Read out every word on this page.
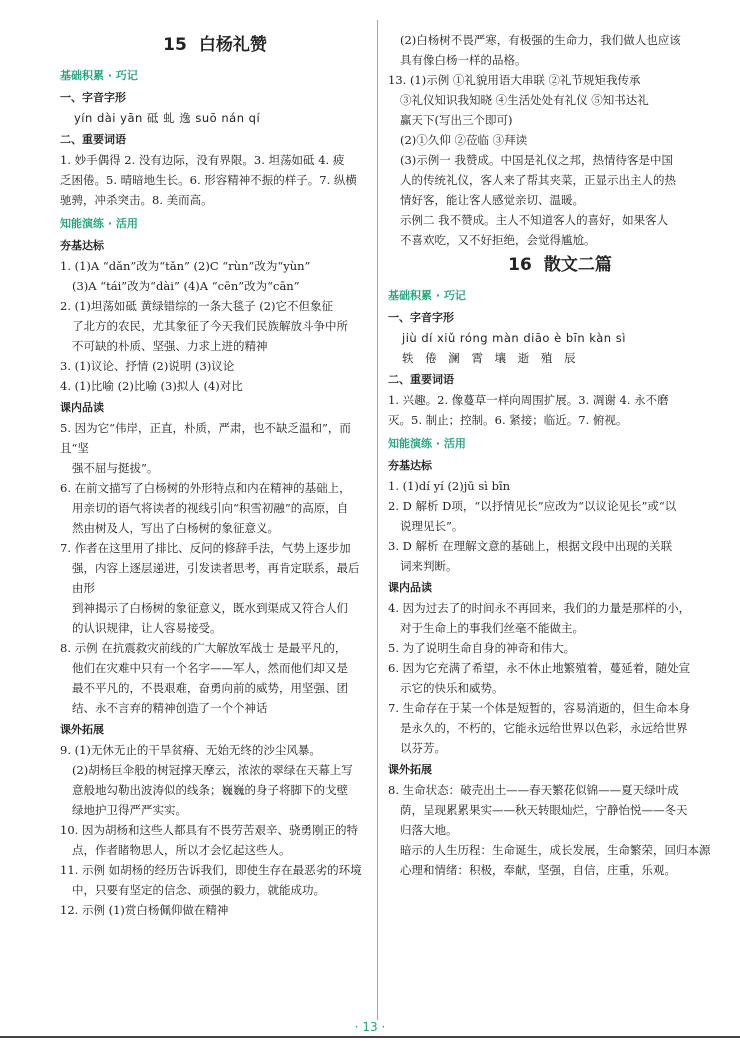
15 白杨礼赞
基础积累 · 巧记
一、字音字形
yín dài yān 砥 虬 逸 suō nán qí
二、重要词语

1. 妙手偶得 2. 没有边际，没有界限。3. 坦荡如砥 4. 疲

乏困倦。5. 晴暗地生长。6. 形容精神不振的样子。7. 纵横

驰骋，冲杀突击。8. 美而高。

知能演练 · 活用
夯基达标

1. (1)A “dǎn”改为“tǎn” (2)C “rùn”改为“yùn”

(3)A “tái”改为“dài” (4)A “cēn”改为“cān”

2. (1)坦荡如砥 黄绿错综的一条大毯子 (2)它不但象征

了北方的农民，尤其象征了今天我们民族解放斗争中所

不可缺的朴质、坚强、力求上进的精神

3. (1)议论、抒情 (2)说明 (3)议论

4. (1)比喻 (2)比喻 (3)拟人 (4)对比

课内品读

5. 因为它“伟岸，正直，朴质，严肃，也不缺乏温和”，而且“坚

强不屈与挺拔”。

6. 在前文描写了白杨树的外形特点和内在精神的基础上，

用亲切的语气将读者的视线引向“积雪初融”的高原，自

然由树及人，写出了白杨树的象征意义。

7. 作者在这里用了排比、反问的修辞手法，气势上逐步加

强，内容上逐层递进，引发读者思考，再肯定联系，最后由形

到神揭示了白杨树的象征意义，既水到渠成又符合人们

的认识规律，让人容易接受。

8. 示例 在抗震救灾前线的广大解放军战士 是最平凡的，

他们在灾难中只有一个名字——军人，然而他们却又是

最不平凡的，不畏艰难，奋勇向前的威势，用坚强、团

结、永不言弃的精神创造了一个个神话

课外拓展

9. (1)无休无止的干旱贫瘠、无始无终的沙尘风暴。

(2)胡杨巨伞般的树冠撑天摩云，浓浓的翠绿在天幕上写

意般地勾勒出波涛似的线条；巍巍的身子将脚下的戈壁

绿地护卫得严严实实。

10. 因为胡杨和这些人都具有不畏劳苦艰辛、骁勇刚正的特

点，作者睹物思人，所以才会忆起这些人。

11. 示例 如胡杨的经历告诉我们，即使生存在最恶劣的环境

中，只要有坚定的信念、顽强的毅力，就能成功。

12. 示例 (1)赏白杨佩仰做在精神

(2)白杨树不畏严寒，有极强的生命力，我们做人也应该

具有像白杨一样的品格。

13. (1)示例 ①礼貌用语大串联 ②礼节规矩我传承

③礼仪知识我知晓 ④生活处处有礼仪 ⑤知书达礼

赢天下(写出三个即可)

(2)①久仰 ②莅临 ③拜读

(3)示例一 我赞成。中国是礼仪之邦，热情待客是中国

人的传统礼仪，客人来了帮其夹菜，正显示出主人的热

情好客，能让客人感觉亲切、温暖。

示例二 我不赞成。主人不知道客人的喜好，如果客人

不喜欢吃，又不好拒绝，会觉得尴尬。

16 散文二篇
基础积累 · 巧记
一、字音字形
jiù dí xiǔ róng màn diāo è bīn kàn sì
轶 倦 澜 霄 壤 逝 殖 辰
二、重要词语

1. 兴趣。2. 像蔓草一样向周围扩展。3. 凋谢 4. 永不磨

灭。5. 制止；控制。6. 紧接；临近。7. 俯视。

知能演练 · 活用
夯基达标

1. (1)dí yí (2)jū sì bīn

2. D 解析 D项，“以抒情见长”应改为“以议论见长”或“以

说理见长”。

3. D 解析 在理解文意的基础上，根据文段中出现的关联

词来判断。

课内品读

4. 因为过去了的时间永不再回来，我们的力量是那样的小，

对于生命上的事我们丝毫不能做主。

5. 为了说明生命自身的神奇和伟大。

6. 因为它充满了希望，永不休止地繁殖着，蔓延着，随处宣

示它的快乐和威势。

7. 生命存在于某一个体是短暂的，容易消逝的，但生命本身

是永久的，不朽的，它能永远给世界以色彩，永远给世界

以芬芳。

课外拓展

8. 生命状态：破壳出土——春天繁花似锦——夏天绿叶成

荫，呈现累累果实——秋天转眼灿烂，宁静怡悦——冬天

归落大地。

暗示的人生历程：生命诞生，成长发展，生命繁荣，回归本源

心理和情绪：积极，奉献，坚强，自信，庄重，乐观。

· 13 ·
